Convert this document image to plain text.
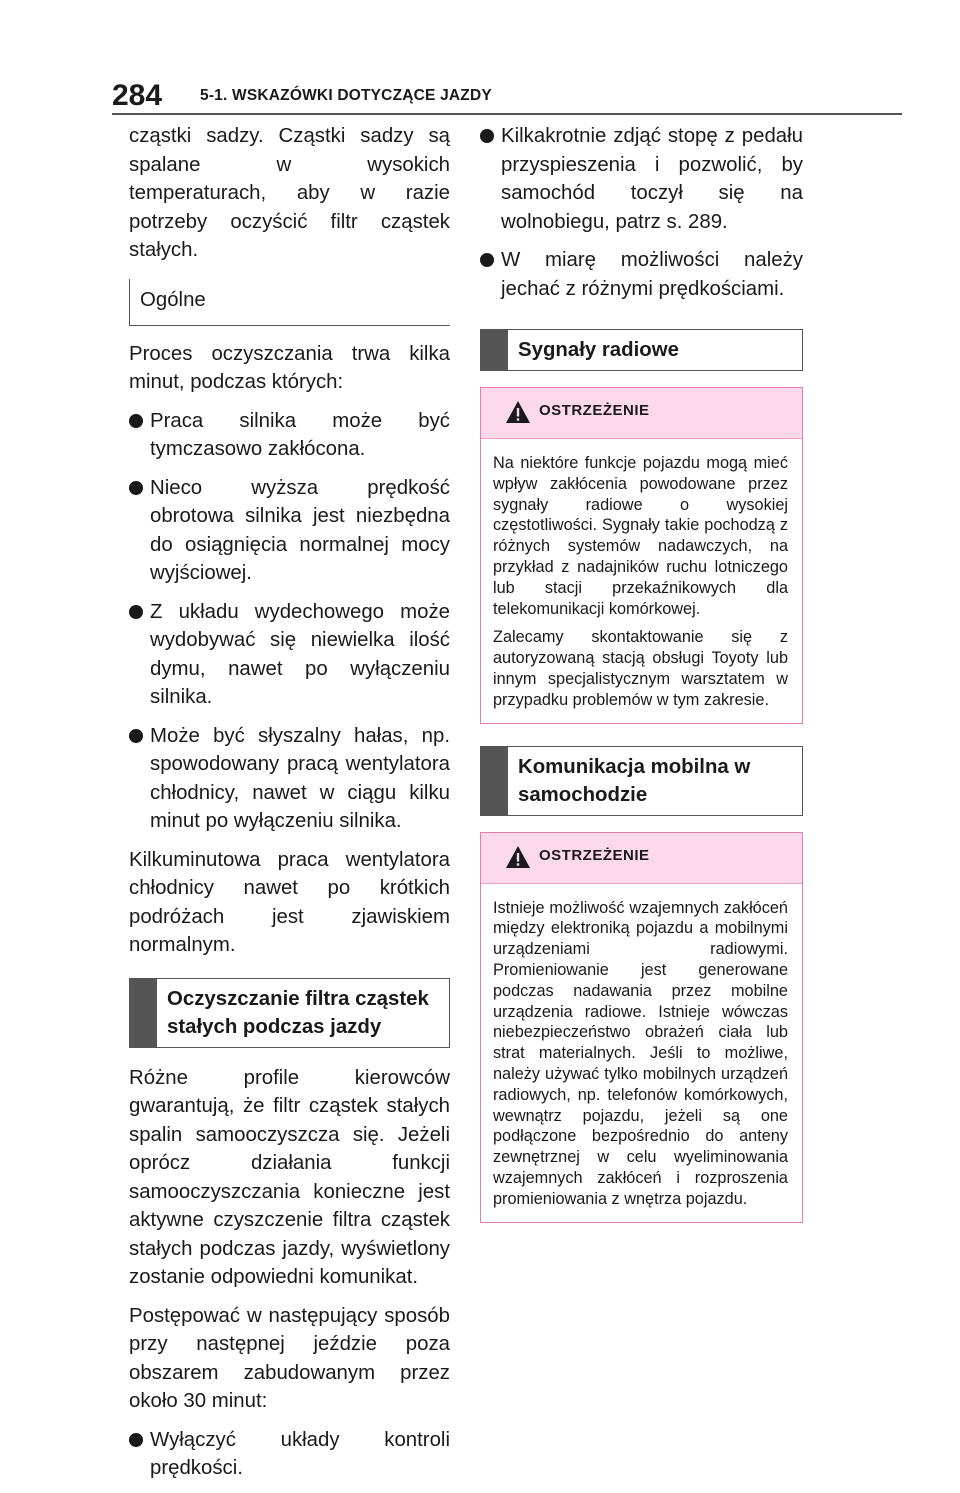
284 5-1. WSKAZÓWKI DOTYCZĄCE JAZDY

cząstki sadzy. Cząstki sadzy są spalane w wysokich temperaturach, aby w razie potrzeby oczyścić filtr cząstek stałych.

Ogólne

Proces oczyszczania trwa kilka minut, podczas których:

Praca silnika może być tymczasowo zakłócona.
Nieco wyższa prędkość obrotowa silnika jest niezbędna do osiągnięcia normalnej mocy wyjściowej.
Z układu wydechowego może wydobywać się niewielka ilość dymu, nawet po wyłączeniu silnika.
Może być słyszalny hałas, np. spowodowany pracą wentylatora chłodnicy, nawet w ciągu kilku minut po wyłączeniu silnika.

Kilkuminutowa praca wentylatora chłodnicy nawet po krótkich podróżach jest zjawiskiem normalnym.

Oczyszczanie filtra cząstek stałych podczas jazdy

Różne profile kierowców gwarantują, że filtr cząstek stałych spalin samooczyszcza się. Jeżeli oprócz działania funkcji samooczyszczania konieczne jest aktywne czyszczenie filtra cząstek stałych podczas jazdy, wyświetlony zostanie odpowiedni komunikat.

Postępować w następujący sposób przy następnej jeździe poza obszarem zabudowanym przez około 30 minut:

Wyłączyć układy kontroli prędkości.
Kilkakrotnie zdjąć stopę z pedału przyspieszenia i pozwolić, by samochód toczył się na wolnobiegu, patrz s. 289.
W miarę możliwości należy jechać z różnymi prędkościami.
Sygnały radiowe
OSTRZEŻENIE

Na niektóre funkcje pojazdu mogą mieć wpływ zakłócenia powodowane przez sygnały radiowe o wysokiej częstotliwości. Sygnały takie pochodzą z różnych systemów nadawczych, na przykład z nadajników ruchu lotniczego lub stacji przekaźnikowych dla telekomunikacji komórkowej.

Zalecamy skontaktowanie się z autoryzowaną stacją obsługi Toyoty lub innym specjalistycznym warsztatem w przypadku problemów w tym zakresie.

Komunikacja mobilna w samochodzie
OSTRZEŻENIE

Istnieje możliwość wzajemnych zakłóceń między elektroniką pojazdu a mobilnymi urządzeniami radiowymi. Promieniowanie jest generowane podczas nadawania przez mobilne urządzenia radiowe. Istnieje wówczas niebezpieczeństwo obrażeń ciała lub strat materialnych. Jeśli to możliwe, należy używać tylko mobilnych urządzeń radiowych, np. telefonów komórkowych, wewnątrz pojazdu, jeżeli są one podłączone bezpośrednio do anteny zewnętrznej w celu wyeliminowania wzajemnych zakłóceń i rozproszenia promieniowania z wnętrza pojazdu.
